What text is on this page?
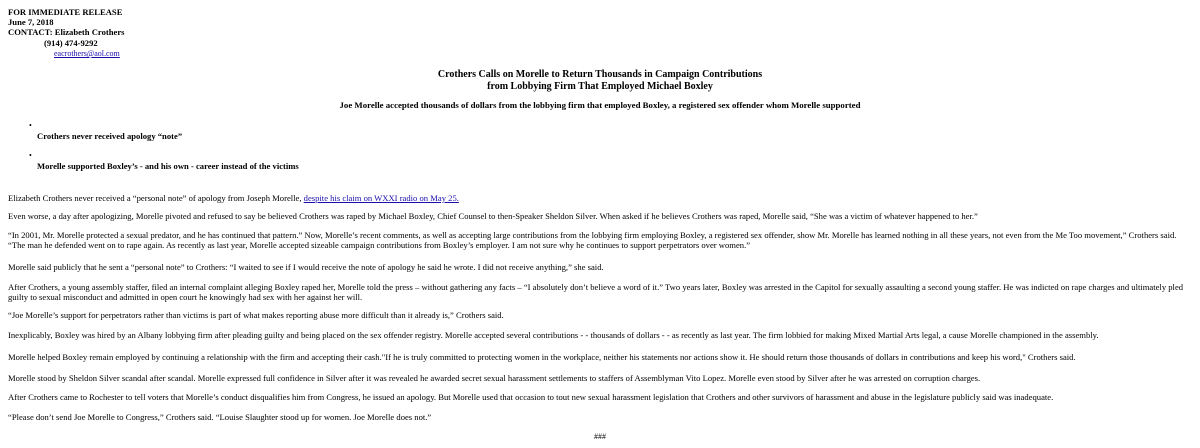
FOR IMMEDIATE RELEASE
June 7, 2018
CONTACT: Elizabeth Crothers
(914) 474-9292
eacrothers@aol.com
Crothers Calls on Morelle to Return Thousands in Campaign Contributions
from Lobbying Firm That Employed Michael Boxley
Joe Morelle accepted thousands of dollars from the lobbying firm that employed Boxley, a registered sex offender whom Morelle supported
•
Crothers never received apology “note”
•
Morelle supported Boxley’s - and his own - career instead of the victims
Elizabeth Crothers never received a “personal note” of apology from Joseph Morelle, despite his claim on WXXI radio on May 25.
Even worse, a day after apologizing, Morelle pivoted and refused to say be believed Crothers was raped by Michael Boxley, Chief Counsel to then-Speaker Sheldon Silver. When asked if he believes Crothers was raped, Morelle said, “She was a victim of whatever happened to her.”
“In 2001, Mr. Morelle protected a sexual predator, and he has continued that pattern.” Now, Morelle’s recent comments, as well as accepting large contributions from the lobbying firm employing Boxley, a registered sex offender, show Mr. Morelle has learned nothing in all these years, not even from the Me Too movement,” Crothers said. “The man he defended went on to rape again. As recently as last year, Morelle accepted sizeable campaign contributions from Boxley’s employer. I am not sure why he continues to support perpetrators over women.”
Morelle said publicly that he sent a “personal note” to Crothers: “I waited to see if I would receive the note of apology he said he wrote. I did not receive anything,” she said.
After Crothers, a young assembly staffer, filed an internal complaint alleging Boxley raped her, Morelle told the press – without gathering any facts – “I absolutely don’t believe a word of it.” Two years later, Boxley was arrested in the Capitol for sexually assaulting a second young staffer. He was indicted on rape charges and ultimately pled guilty to sexual misconduct and admitted in open court he knowingly had sex with her against her will.
“Joe Morelle’s support for perpetrators rather than victims is part of what makes reporting abuse more difficult than it already is,” Crothers said.
Inexplicably, Boxley was hired by an Albany lobbying firm after pleading guilty and being placed on the sex offender registry. Morelle accepted several contributions - - thousands of dollars - - as recently as last year. The firm lobbied for making Mixed Martial Arts legal, a cause Morelle championed in the assembly.
Morelle helped Boxley remain employed by continuing a relationship with the firm and accepting their cash."If he is truly committed to protecting women in the workplace, neither his statements nor actions show it. He should return those thousands of dollars in contributions and keep his word," Crothers said.
Morelle stood by Sheldon Silver scandal after scandal. Morelle expressed full confidence in Silver after it was revealed he awarded secret sexual harassment settlements to staffers of Assemblyman Vito Lopez. Morelle even stood by Silver after he was arrested on corruption charges.
After Crothers came to Rochester to tell voters that Morelle’s conduct disqualifies him from Congress, he issued an apology. But Morelle used that occasion to tout new sexual harassment legislation that Crothers and other survivors of harassment and abuse in the legislature publicly said was inadequate.
“Please don’t send Joe Morelle to Congress,” Crothers said. “Louise Slaughter stood up for women. Joe Morelle does not.”
###
